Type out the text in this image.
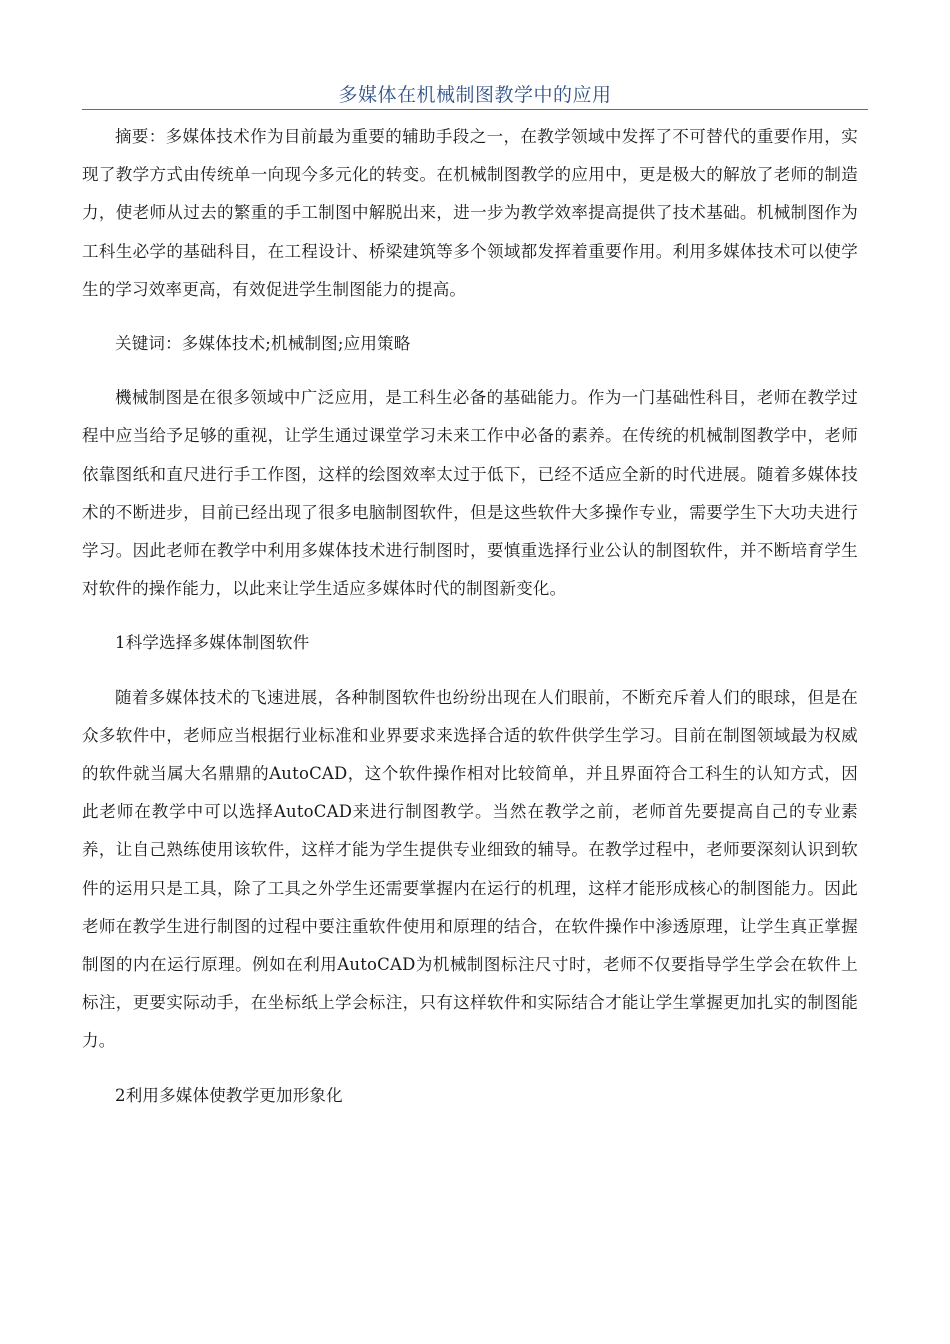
多媒体在机械制图教学中的应用

摘要：多媒体技术作为目前最为重要的辅助手段之一，在教学领域中发挥了不可替代的重要作用，实现了教学方式由传统单一向现今多元化的转变。在机械制图教学的应用中，更是极大的解放了老师的制造力，使老师从过去的繁重的手工制图中解脱出来，进一步为教学效率提高提供了技术基础。机械制图作为工科生必学的基础科目，在工程设计、桥梁建筑等多个领域都发挥着重要作用。利用多媒体技术可以使学生的学习效率更高，有效促进学生制图能力的提高。

关键词：多媒体技术;机械制图;应用策略

機械制图是在很多领域中广泛应用，是工科生必备的基础能力。作为一门基础性科目，老师在教学过程中应当给予足够的重视，让学生通过课堂学习未来工作中必备的素养。在传统的机械制图教学中，老师依靠图纸和直尺进行手工作图，这样的绘图效率太过于低下，已经不适应全新的时代进展。随着多媒体技术的不断进步，目前已经出现了很多电脑制图软件，但是这些软件大多操作专业，需要学生下大功夫进行学习。因此老师在教学中利用多媒体技术进行制图时，要慎重选择行业公认的制图软件，并不断培育学生对软件的操作能力，以此来让学生适应多媒体时代的制图新变化。

1科学选择多媒体制图软件

随着多媒体技术的飞速进展，各种制图软件也纷纷出现在人们眼前，不断充斥着人们的眼球，但是在众多软件中，老师应当根据行业标准和业界要求来选择合适的软件供学生学习。目前在制图领域最为权威的软件就当属大名鼎鼎的AutoCAD，这个软件操作相对比较简单，并且界面符合工科生的认知方式，因此老师在教学中可以选择AutoCAD来进行制图教学。当然在教学之前，老师首先要提高自己的专业素养，让自己熟练使用该软件，这样才能为学生提供专业细致的辅导。在教学过程中，老师要深刻认识到软件的运用只是工具，除了工具之外学生还需要掌握内在运行的机理，这样才能形成核心的制图能力。因此老师在教学生进行制图的过程中要注重软件使用和原理的结合，在软件操作中渗透原理，让学生真正掌握制图的内在运行原理。例如在利用AutoCAD为机械制图标注尺寸时，老师不仅要指导学生学会在软件上标注，更要实际动手，在坐标纸上学会标注，只有这样软件和实际结合才能让学生掌握更加扎实的制图能力。

2利用多媒体使教学更加形象化
